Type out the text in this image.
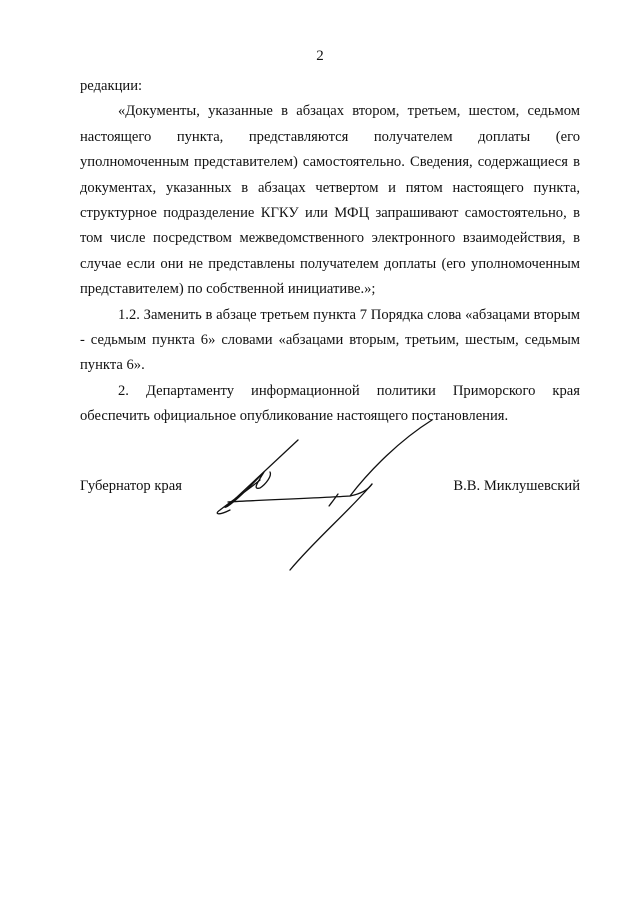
2

редакции:

«Документы, указанные в абзацах втором, третьем, шестом, седьмом настоящего пункта, представляются получателем доплаты (его уполномоченным представителем) самостоятельно. Сведения, содержащиеся в документах, указанных в абзацах четвертом и пятом настоящего пункта, структурное подразделение КГКУ или МФЦ запрашивают самостоятельно, в том числе посредством межведомственного электронного взаимодействия, в случае если они не представлены получателем доплаты (его уполномоченным представителем) по собственной инициативе.»;

1.2. Заменить в абзаце третьем пункта 7 Порядка слова «абзацами вторым - седьмым пункта 6» словами «абзацами вторым, третьим, шестым, седьмым пункта 6».

2. Департаменту информационной политики Приморского края обеспечить официальное опубликование настоящего постановления.

Губернатор края	В.В. Миклушевский
